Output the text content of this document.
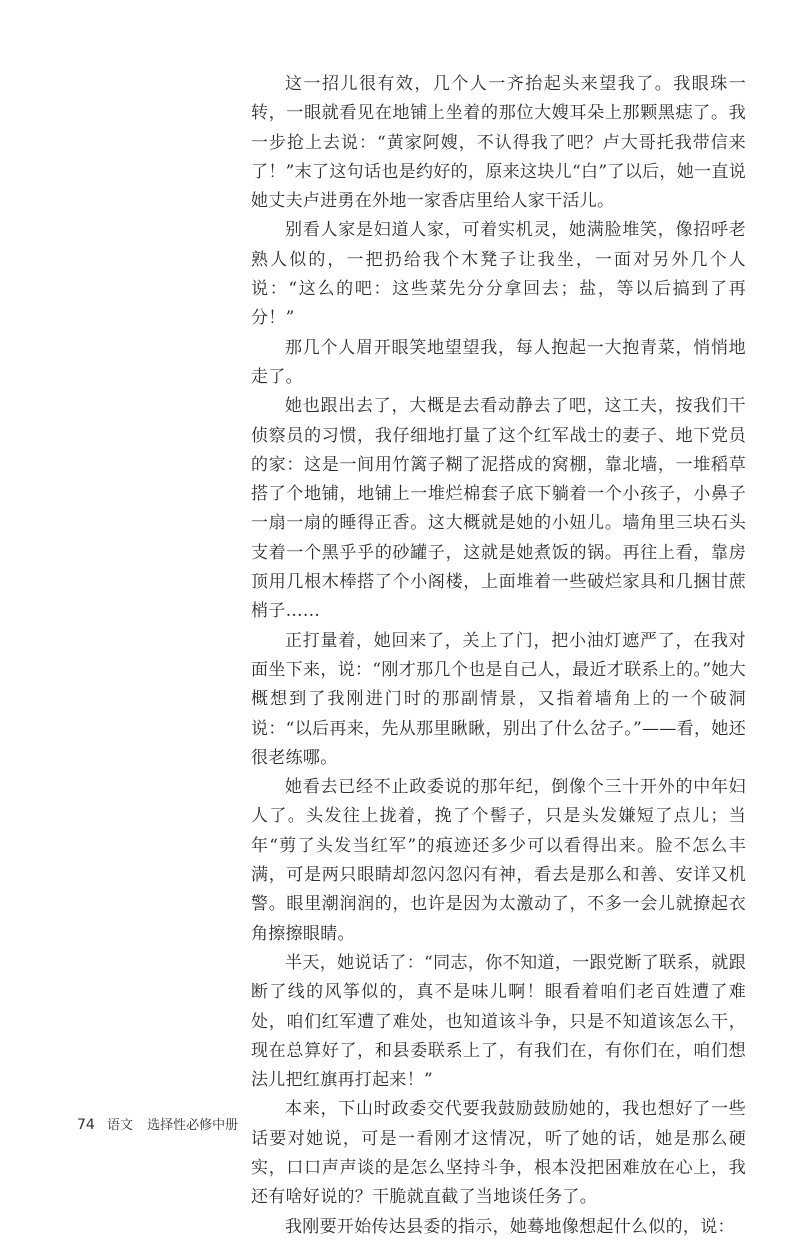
这一招儿很有效，几个人一齐抬起头来望我了。我眼珠一转，一眼就看见在地铺上坐着的那位大嫂耳朵上那颗黑痣了。我一步抢上去说：“黄家阿嫂，不认得我了吧？卢大哥托我带信来了！”末了这句话也是约好的，原来这块儿“白”了以后，她一直说她丈夫卢进勇在外地一家香店里给人家干活儿。

别看人家是妇道人家，可着实机灵，她满脸堆笑，像招呼老熟人似的，一把扔给我个木凳子让我坐，一面对另外几个人说：“这么的吧：这些菜先分分拿回去；盐，等以后搞到了再分！”

那几个人眉开眼笑地望望我，每人抱起一大抱青菜，悄悄地走了。

她也跟出去了，大概是去看动静去了吧，这工夫，按我们干侦察员的习惯，我仔细地打量了这个红军战士的妻子、地下党员的家：这是一间用竹篱子糊了泥搭成的窝棚，靠北墙，一堆稻草搭了个地铺，地铺上一堆烂棉套子底下躺着一个小孩子，小鼻子一扇一扇的睡得正香。这大概就是她的小妞儿。墙角里三块石头支着一个黑乎乎的砂罐子，这就是她煮饭的锅。再往上看，靠房顶用几根木棒搭了个小阁楼，上面堆着一些破烂家具和几捆甘蔗梢子……

正打量着，她回来了，关上了门，把小油灯遮严了，在我对面坐下来，说：“刚才那几个也是自己人，最近才联系上的。”她大概想到了我刚进门时的那副情景，又指着墙角上的一个破洞说：“以后再来，先从那里瞅瞅，别出了什么岔子。”——看，她还很老练哪。

她看去已经不止政委说的那年纪，倒像个三十开外的中年妇人了。头发往上拢着，挽了个髻子，只是头发嫌短了点儿；当年“剪了头发当红军”的痕迹还多少可以看得出来。脸不怎么丰满，可是两只眼睛却忽闪忽闪有神，看去是那么和善、安详又机警。眼里潮润润的，也许是因为太激动了，不多一会儿就撩起衣角擦擦眼睛。

半天，她说话了：“同志，你不知道，一跟党断了联系，就跟断了线的风筝似的，真不是味儿啊！眼看着咱们老百姓遭了难处，咱们红军遭了难处，也知道该斗争，只是不知道该怎么干，现在总算好了，和县委联系上了，有我们在，有你们在，咱们想法儿把红旗再打起来！”

本来，下山时政委交代要我鼓励鼓励她的，我也想好了一些话要对她说，可是一看刚才这情况，听了她的话，她是那么硬实，口口声声谈的是怎么坚持斗争，根本没把困难放在心上，我还有啥好说的？干脆就直截了当地谈任务了。

我刚要开始传达县委的指示，她蓦地像想起什么似的，说：

74 语文 选择性必修中册
